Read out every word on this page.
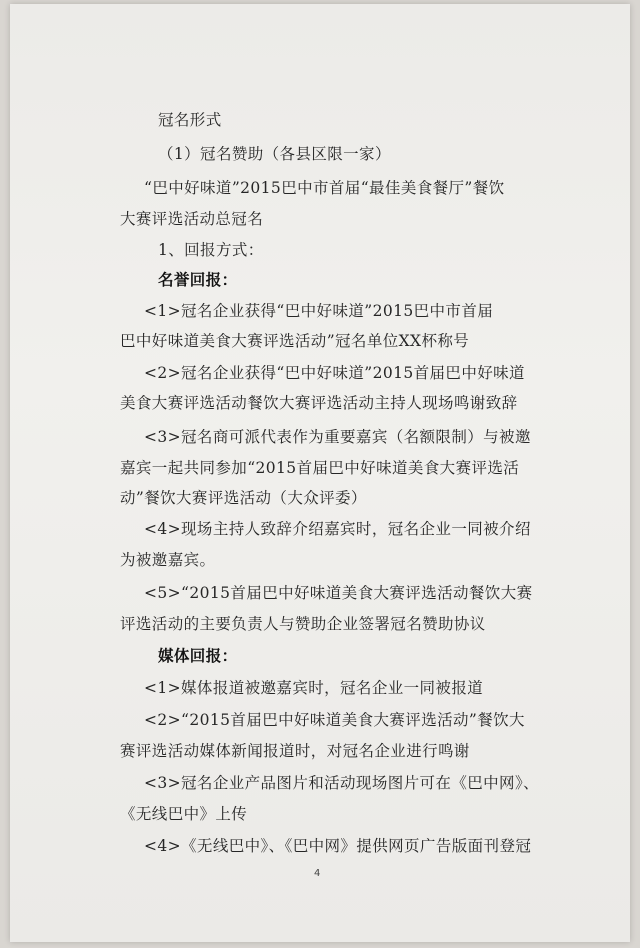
冠名形式
（1）冠名赞助（各县区限一家）
“巴中好味道”2015巴中市首届“最佳美食餐厅”餐饮
大赛评选活动总冠名
1、回报方式：
名誉回报：
<1>冠名企业获得“巴中好味道”2015巴中市首届
巴中好味道美食大赛评选活动”冠名单位XX杯称号
<2>冠名企业获得“巴中好味道”2015首届巴中好味道
美食大赛评选活动餐饮大赛评选活动主持人现场鸣谢致辞
<3>冠名商可派代表作为重要嘉宾（名额限制）与被邀
嘉宾一起共同参加“2015首届巴中好味道美食大赛评选活
动”餐饮大赛评选活动（大众评委）
<4>现场主持人致辞介绍嘉宾时，冠名企业一同被介绍
为被邀嘉宾。
<5>“2015首届巴中好味道美食大赛评选活动餐饮大赛
评选活动的主要负责人与赞助企业签署冠名赞助协议
媒体回报：
<1>媒体报道被邀嘉宾时，冠名企业一同被报道
<2>“2015首届巴中好味道美食大赛评选活动”餐饮大
赛评选活动媒体新闻报道时，对冠名企业进行鸣谢
<3>冠名企业产品图片和活动现场图片可在《巴中网》、
《无线巴中》上传
<4>《无线巴中》、《巴中网》提供网页广告版面刊登冠
4
